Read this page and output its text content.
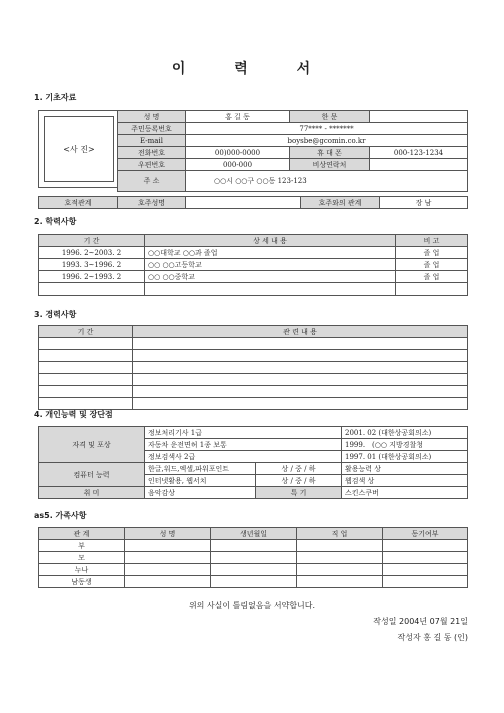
이 력 서
1. 기초자료
<사 진>
성 명	홍 길 동	한 문	
주민등록번호	77**** - *******		
E-mail	boysbe@gcomin.co.kr		
전화번호	00)000-0000	휴 대 폰	000-123-1234
우편번호	000-000	비상연락처	
주 소	○○시 ○○구 ○○동 123-123		
호적관계	호주성명		호주와의 관계	장 남
2. 학력사항
기 간	상 세 내 용	비 고
1996. 2~2003. 2	○○대학교 ○○과 졸업	졸 업
1993. 3~1996. 2	○○ ○○고등학교	졸 업
1996. 2~1993. 2	○○ ○○중학교	졸 업

3. 경력사항
기 간	관 련 내 용

4. 개인능력 및 장단점
자격 및 포상	정보처리기사 1급		2001. 02 (대한상공회의소)
	자동차 운전면허 1종 보통		1999.　(○○ 지방경찰청
	정보검색사 2급		1997. 01 (대한상공회의소)
컴퓨터 능력	한글,워드,엑셀,파워포인트	상 / 중 / 하	활용능력 상
	인터넷활용, 웹서치	상 / 중 / 하	웹검색 상
취 미	음악감상	특 기	스킨스쿠버
as5. 가족사항
관 계	성 명	생년월일	직 업	동기여부
부				
모				
누나				
남동생				
위의 사실이 틀림없음을 서약합니다.
작성일 2004년 07월 21일
작성자 홍 길 동 (인)
